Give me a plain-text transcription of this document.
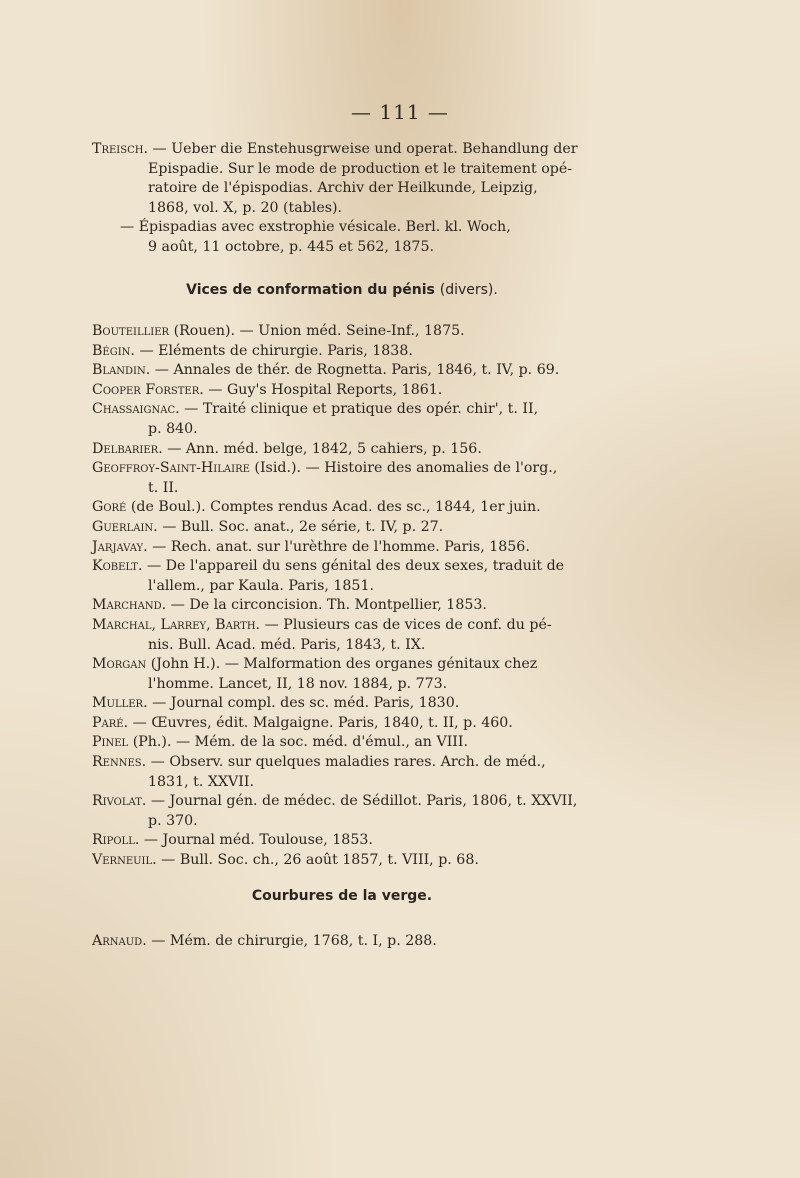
— 111 —

Treisch. — Ueber die Enstehusgrweise und operat. Behandlung der
Epispadie. Sur le mode de production et le traitement opé-
ratoire de l'épispodias. Archiv der Heilkunde, Leipzig,
1868, vol. X, p. 20 (tables).

— Épispadias avec exstrophie vésicale. Berl. kl. Woch,
9 août, 11 octobre, p. 445 et 562, 1875.

Vices de conformation du pénis (divers).

Bouteillier (Rouen). — Union méd. Seine-Inf., 1875.

Bégin. — Eléments de chirurgie. Paris, 1838.

Blandin. — Annales de thér. de Rognetta. Paris, 1846, t. IV, p. 69.

Cooper Forster. — Guy's Hospital Reports, 1861.

Chassaignac. — Traité clinique et pratique des opér. chir', t. II,
p. 840.

Delbarier. — Ann. méd. belge, 1842, 5 cahiers, p. 156.

Geoffroy-Saint-Hilaire (Isid.). — Histoire des anomalies de l'org.,
t. II.

Goré (de Boul.). Comptes rendus Acad. des sc., 1844, 1er juin.

Guerlain. — Bull. Soc. anat., 2e série, t. IV, p. 27.

Jarjavay. — Rech. anat. sur l'urèthre de l'homme. Paris, 1856.

Kobelt. — De l'appareil du sens génital des deux sexes, traduit de
l'allem., par Kaula. Paris, 1851.

Marchand. — De la circoncision. Th. Montpellier, 1853.

Marchal, Larrey, Barth. — Plusieurs cas de vices de conf. du pé-
nis. Bull. Acad. méd. Paris, 1843, t. IX.

Morgan (John H.). — Malformation des organes génitaux chez
l'homme. Lancet, II, 18 nov. 1884, p. 773.

Muller. — Journal compl. des sc. méd. Paris, 1830.

Paré. — Œuvres, édit. Malgaigne. Paris, 1840, t. II, p. 460.

Pinel (Ph.). — Mém. de la soc. méd. d'émul., an VIII.

Rennes. — Observ. sur quelques maladies rares. Arch. de méd.,
1831, t. XXVII.

Rivolat. — Journal gén. de médec. de Sédillot. Paris, 1806, t. XXVII,
p. 370.

Ripoll. — Journal méd. Toulouse, 1853.

Verneuil. — Bull. Soc. ch., 26 août 1857, t. VIII, p. 68.

Courbures de la verge.

Arnaud. — Mém. de chirurgie, 1768, t. I, p. 288.
